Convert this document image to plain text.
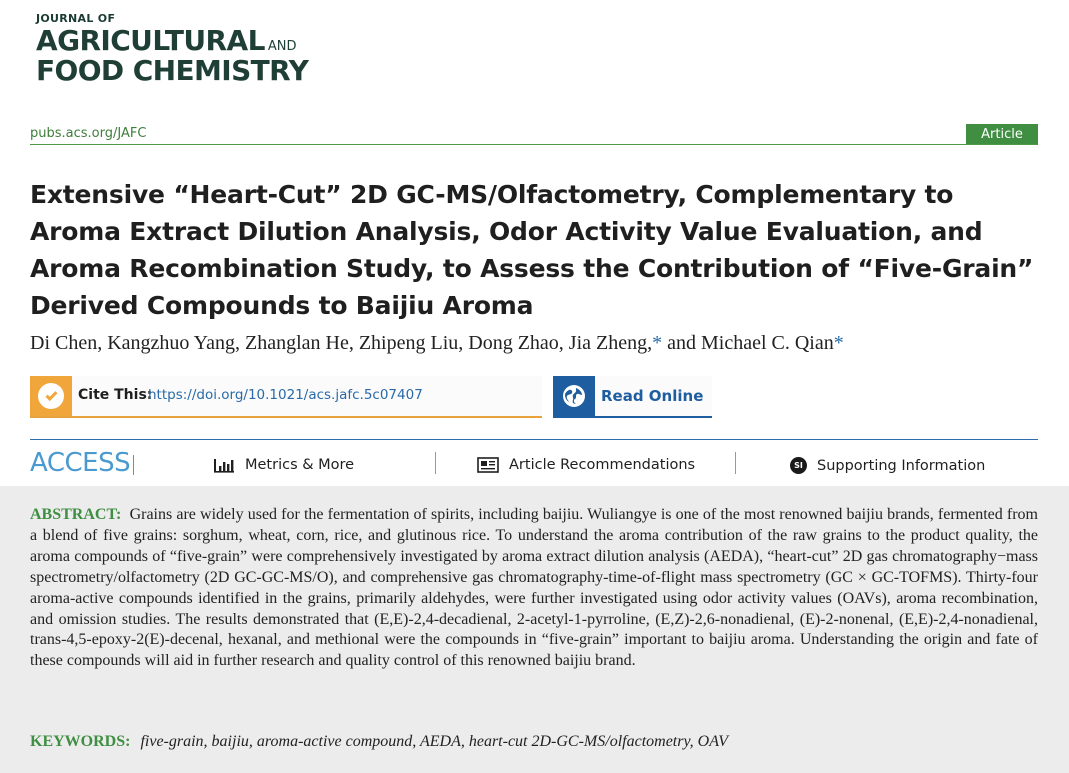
JOURNAL OF
AGRICULTURAL AND
FOOD CHEMISTRY
pubs.acs.org/JAFC	Article
Extensive “Heart-Cut” 2D GC-MS/Olfactometry, Complementary to Aroma Extract Dilution Analysis, Odor Activity Value Evaluation, and Aroma Recombination Study, to Assess the Contribution of “Five-Grain” Derived Compounds to Baijiu Aroma
Di Chen, Kangzhuo Yang, Zhanglan He, Zhipeng Liu, Dong Zhao, Jia Zheng,* and Michael C. Qian*
Cite This:
https://doi.org/10.1021/acs.jafc.5c07407	Read Online
ACCESS	Metrics & More	Article Recommendations	SI Supporting Information

ABSTRACT: Grains are widely used for the fermentation of spirits, including baijiu. Wuliangye is one of the most renowned baijiu brands, fermented from a blend of five grains: sorghum, wheat, corn, rice, and glutinous rice. To understand the aroma contribution of the raw grains to the product quality, the aroma compounds of “five-grain” were comprehensively investigated by aroma extract dilution analysis (AEDA), “heart-cut” 2D gas chromatography−mass spectrometry/olfactometry (2D GC-GC-MS/O), and comprehensive gas chromatography-time-of-flight mass spectrometry (GC × GC-TOFMS). Thirty-four aroma-active compounds identified in the grains, primarily aldehydes, were further investigated using odor activity values (OAVs), aroma recombination, and omission studies. The results demonstrated that (E,E)-2,4-decadienal, 2-acetyl-1-pyrroline, (E,Z)-2,6-nonadienal, (E)-2-nonenal, (E,E)-2,4-nonadienal, trans-4,5-epoxy-2(E)-decenal, hexanal, and methional were the compounds in “five-grain” important to baijiu aroma. Understanding the origin and fate of these compounds will aid in further research and quality control of this renowned baijiu brand.

KEYWORDS: five-grain, baijiu, aroma-active compound, AEDA, heart-cut 2D-GC-MS/olfactometry, OAV
